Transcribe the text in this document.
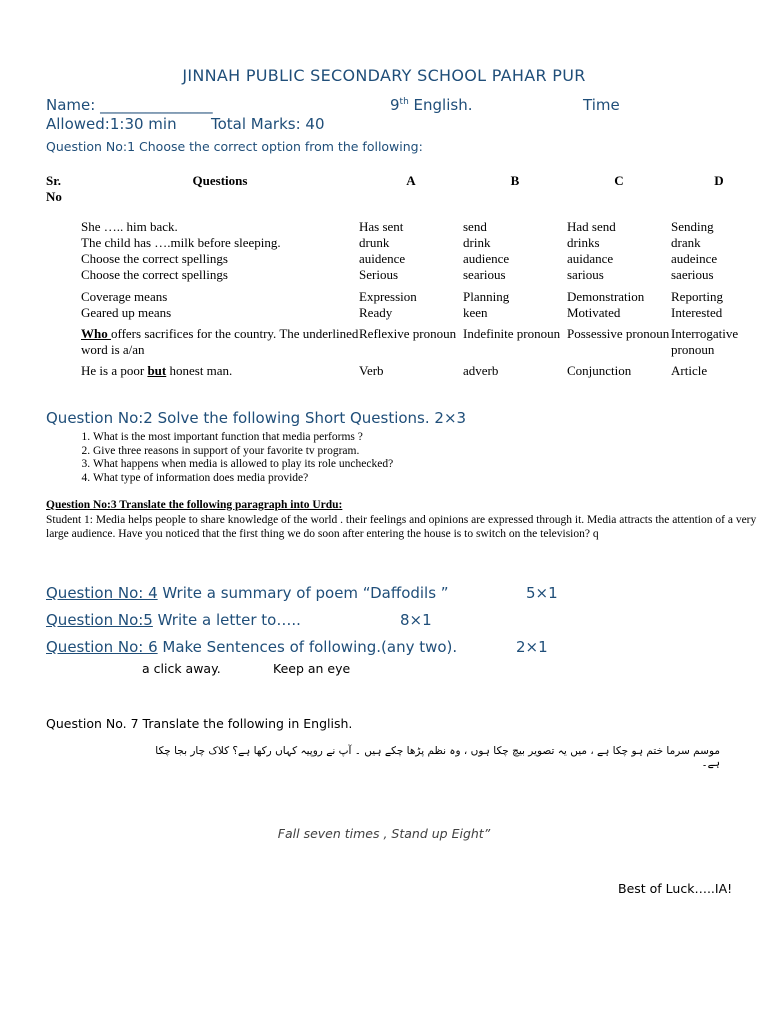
JINNAH PUBLIC SECONDARY SCHOOL PAHAR PUR
Name: _______________	9th English.	Time
Allowed:1:30 min Total Marks: 40
Question No:1 Choose the correct option from the following:
Sr.
No	Questions	A	B	C	D

	She ….. him back.	Has sent	send	Had send	Sending
	The child has ….milk before sleeping.	drunk	drink	drinks	drank
	Choose the correct spellings	auidence	audience	auidance	audeince
	Choose the correct spellings	Serious	searious	sarious	saerious
	Coverage means	Expression	Planning	Demonstration	Reporting
	Geared up means	Ready	keen	Motivated	Interested
	Who offers sacrifices for the country. The underlined word is a/an	Reflexive pronoun	Indefinite pronoun	Possessive pronoun	Interrogative pronoun
	He is a poor but honest man.	Verb	adverb	Conjunction	Article
Question No:2 Solve the following Short Questions. 2×3
1. What is the most important function that media performs ?
2. Give three reasons in support of your favorite tv program.
3. What happens when media is allowed to play its role unchecked?
4. What type of information does media provide?
Question No:3 Translate the following paragraph into Urdu:
Student 1: Media helps people to share knowledge of the world . their feelings and opinions are expressed through it. Media attracts the attention of a very large audience. Have you noticed that the first thing we do soon after entering the house is to switch on the television? q
Question No: 4 Write a summary of poem “Daffodils ”	5×1
Question No:5 Write a letter to…..	8×1
Question No: 6 Make Sentences of following.(any two).	2×1
a click away.	Keep an eye
Question No. 7 Translate the following in English.
موسم سرما ختم ہو چکا ہے ، میں یہ تصویر بیچ چکا ہوں ، وہ نظم پڑھا چکے ہیں ۔ آپ نے روپیہ کہاں رکھا ہے؟ کلاک چار بجا چکا ہے۔
Fall seven times , Stand up Eight”
Best of Luck…..IA!
